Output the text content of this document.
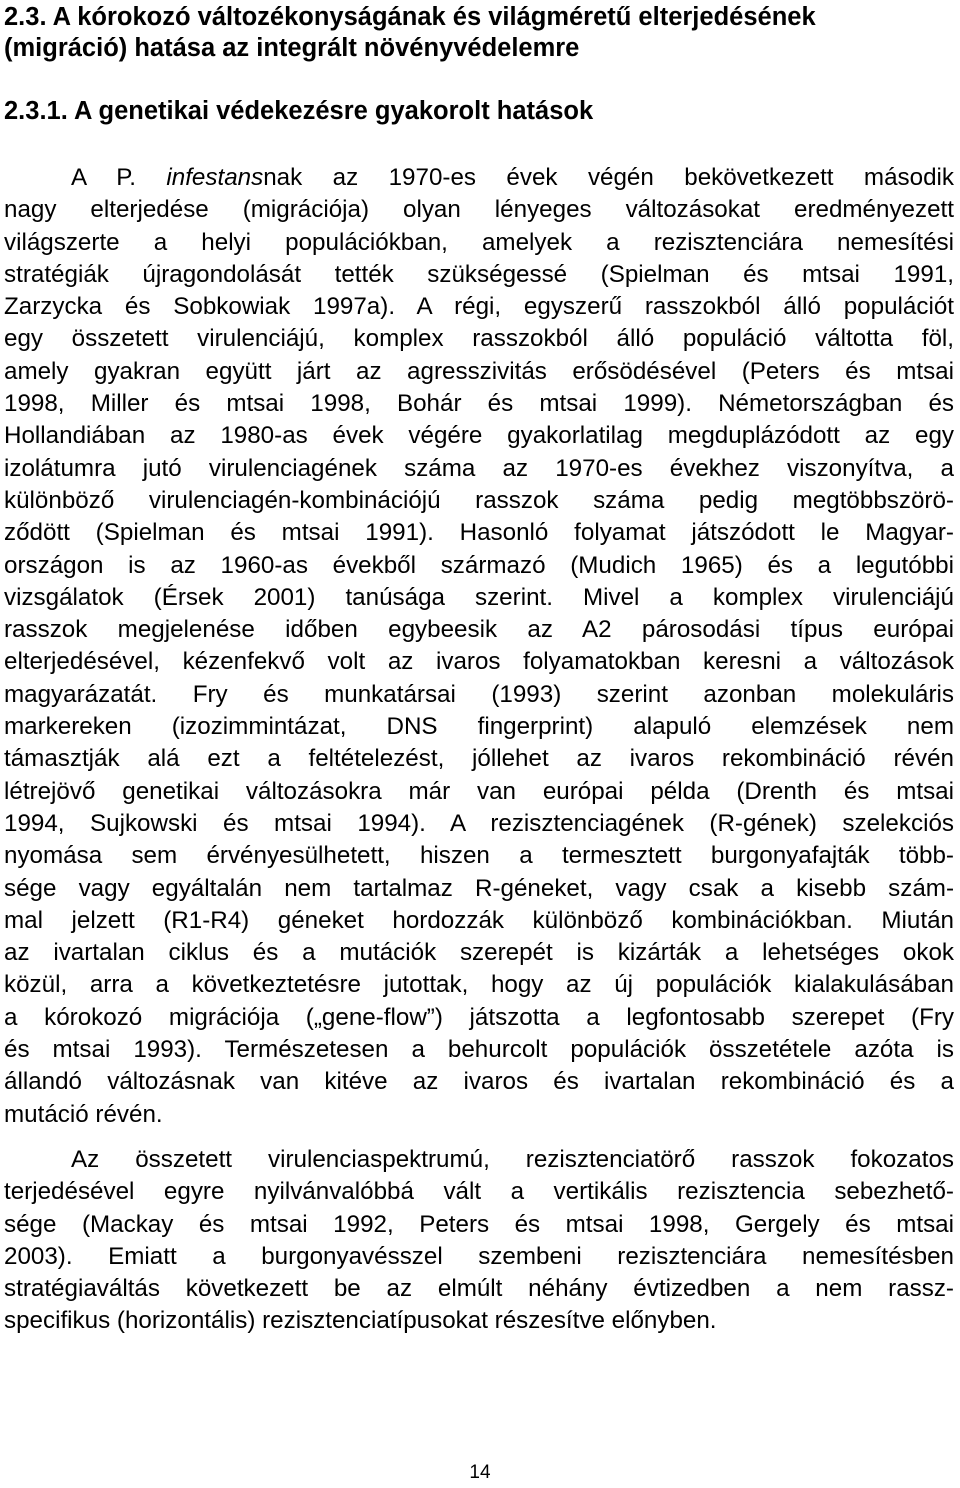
2.3. A kórokozó változékonyságának és világméretű elterjedésének
(migráció) hatása az integrált növényvédelemre
2.3.1. A genetikai védekezésre gyakorolt hatások
A P. infestansnak az 1970-es évek végén bekövetkezett második
nagy elterjedése (migrációja) olyan lényeges változásokat eredményezett
világszerte a helyi populációkban, amelyek a rezisztenciára nemesítési
stratégiák újragondolását tették szükségessé (Spielman és mtsai 1991,
Zarzycka és Sobkowiak 1997a). A régi, egyszerű rasszokból álló populációt
egy összetett virulenciájú, komplex rasszokból álló populáció váltotta föl,
amely gyakran együtt járt az agresszivitás erősödésével (Peters és mtsai
1998, Miller és mtsai 1998, Bohár és mtsai 1999). Németországban és
Hollandiában az 1980-as évek végére gyakorlatilag megduplázódott az egy
izolátumra jutó virulenciagének száma az 1970-es évekhez viszonyítva, a
különböző virulenciagén-kombinációjú rasszok száma pedig megtöbbszörö-
ződött (Spielman és mtsai 1991). Hasonló folyamat játszódott le Magyar-
országon is az 1960-as évekből származó (Mudich 1965) és a legutóbbi
vizsgálatok (Érsek 2001) tanúsága szerint. Mivel a komplex virulenciájú
rasszok megjelenése időben egybeesik az A2 párosodási típus európai
elterjedésével, kézenfekvő volt az ivaros folyamatokban keresni a változások
magyarázatát. Fry és munkatársai (1993) szerint azonban molekuláris
markereken (izozimmintázat, DNS fingerprint) alapuló elemzések nem
támasztják alá ezt a feltételezést, jóllehet az ivaros rekombináció révén
létrejövő genetikai változásokra már van európai példa (Drenth és mtsai
1994, Sujkowski és mtsai 1994). A rezisztenciagének (R-gének) szelekciós
nyomása sem érvényesülhetett, hiszen a termesztett burgonyafajták több-
sége vagy egyáltalán nem tartalmaz R-géneket, vagy csak a kisebb szám-
mal jelzett (R1-R4) géneket hordozzák különböző kombinációkban. Miután
az ivartalan ciklus és a mutációk szerepét is kizárták a lehetséges okok
közül, arra a következtetésre jutottak, hogy az új populációk kialakulásában
a kórokozó migrációja („gene-flow”) játszotta a legfontosabb szerepet (Fry
és mtsai 1993). Természetesen a behurcolt populációk összetétele azóta is
állandó változásnak van kitéve az ivaros és ivartalan rekombináció és a
mutáció révén.
Az összetett virulenciaspektrumú, rezisztenciatörő rasszok fokozatos
terjedésével egyre nyilvánvalóbbá vált a vertikális rezisztencia sebezhető-
sége (Mackay és mtsai 1992, Peters és mtsai 1998, Gergely és mtsai
2003). Emiatt a burgonyavésszel szembeni rezisztenciára nemesítésben
stratégiaváltás következett be az elmúlt néhány évtizedben a nem rassz-
specifikus (horizontális) rezisztenciatípusokat részesítve előnyben.
14
